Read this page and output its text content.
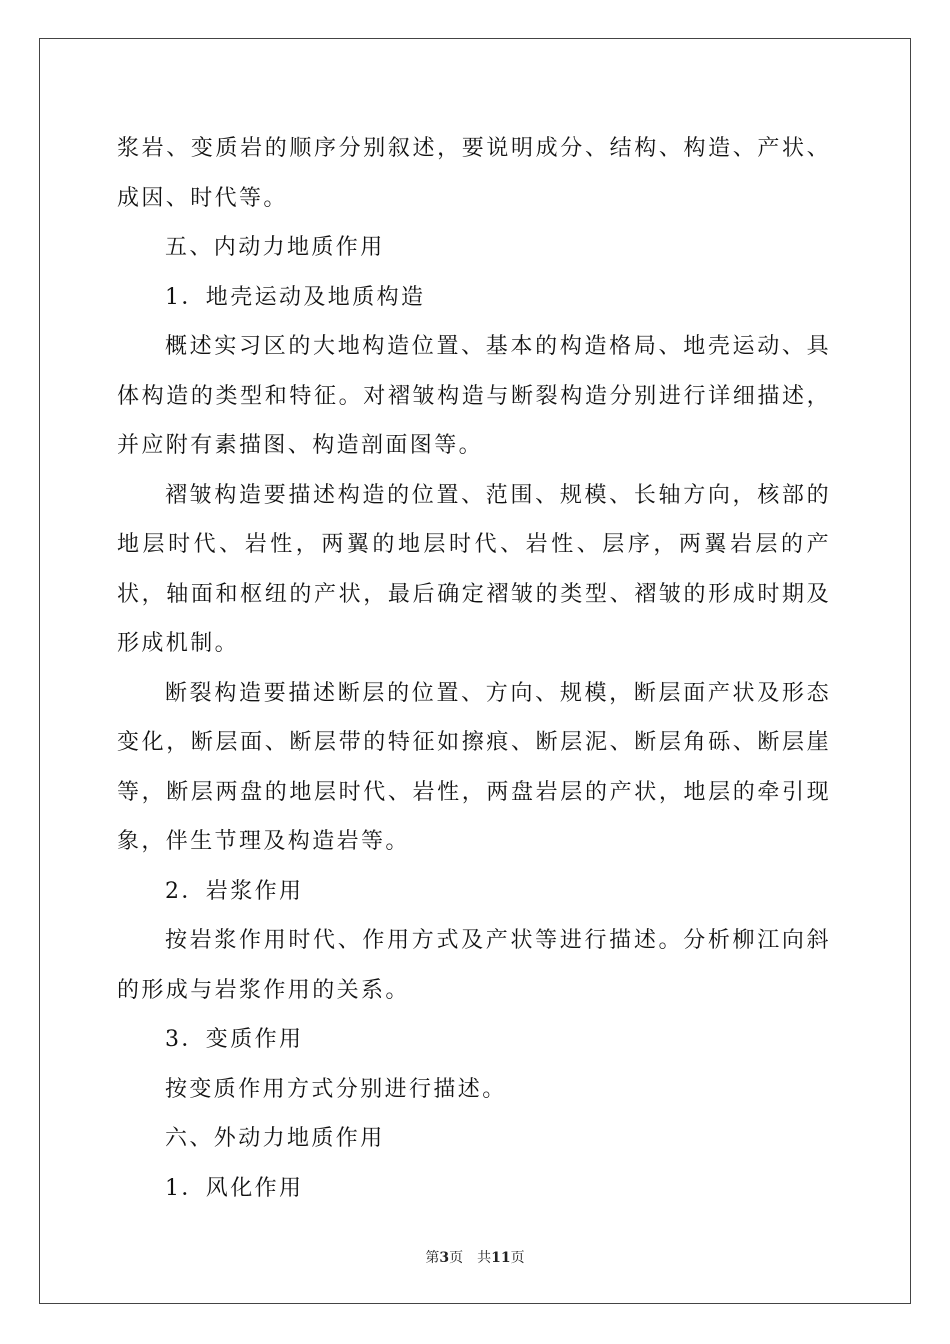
浆岩、变质岩的顺序分别叙述，要说明成分、结构、构造、产状、成因、时代等。

五、内动力地质作用

1．地壳运动及地质构造

概述实习区的大地构造位置、基本的构造格局、地壳运动、具体构造的类型和特征。对褶皱构造与断裂构造分别进行详细描述，并应附有素描图、构造剖面图等。

褶皱构造要描述构造的位置、范围、规模、长轴方向，核部的地层时代、岩性，两翼的地层时代、岩性、层序，两翼岩层的产状，轴面和枢纽的产状，最后确定褶皱的类型、褶皱的形成时期及形成机制。

断裂构造要描述断层的位置、方向、规模，断层面产状及形态变化，断层面、断层带的特征如擦痕、断层泥、断层角砾、断层崖等，断层两盘的地层时代、岩性，两盘岩层的产状，地层的牵引现象，伴生节理及构造岩等。

2．岩浆作用

按岩浆作用时代、作用方式及产状等进行描述。分析柳江向斜的形成与岩浆作用的关系。

3．变质作用

按变质作用方式分别进行描述。

六、外动力地质作用

1．风化作用

第3页 共11页
